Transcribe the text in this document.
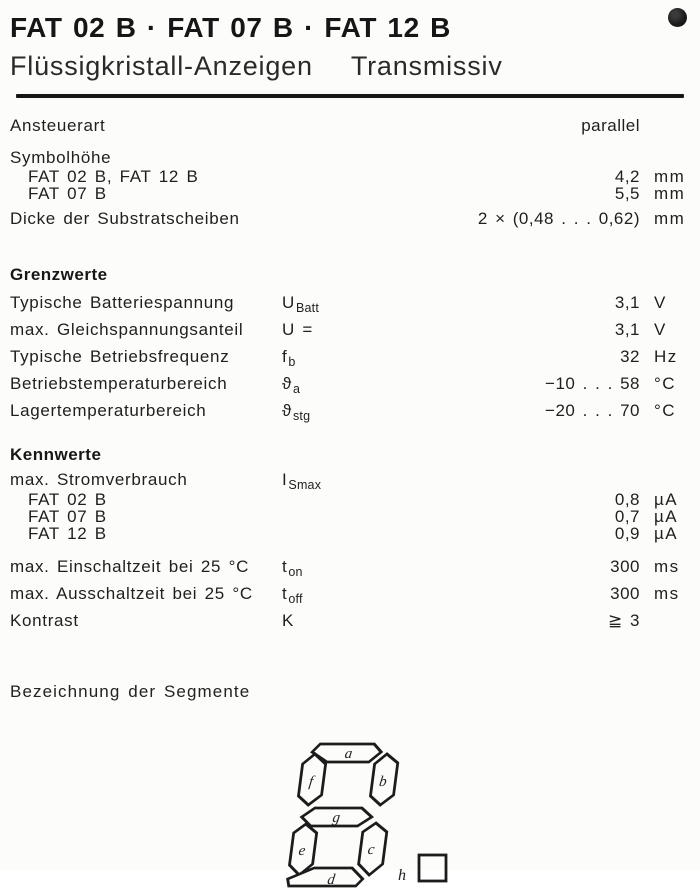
FAT 02 B · FAT 07 B · FAT 12 B
Flüssigkristall-Anzeigen Transmissiv
Ansteuerart	parallel
Symbolhöhe
FAT 02 B, FAT 12 B	4,2 mm
FAT 07 B	5,5 mm
Dicke der Substratscheiben	2 × (0,48 . . . 0,62) mm
Grenzwerte
Typische Batteriespannung	$U_{Batt}$	3,1 V
max. Gleichspannungsanteil	U =	3,1 V
Typische Betriebsfrequenz	$f_b$	32 Hz
Betriebstemperaturbereich	$ϑ_a$	−10 . . . 58 °C
Lagertemperaturbereich	$ϑ_{stg}$	−20 . . . 70 °C
Kennwerte
max. Stromverbrauch	$I_{Smax}$
FAT 02 B	0,8 µA
FAT 07 B	0,7 µA
FAT 12 B	0,9 µA
max. Einschaltzeit bei 25 °C	$t_{on}$	300 ms
max. Ausschaltzeit bei 25 °C	$t_{off}$	300 ms
Kontrast	K	≧ 3
Bezeichnung der Segmente
a
b
c
d
e
f
g
h
